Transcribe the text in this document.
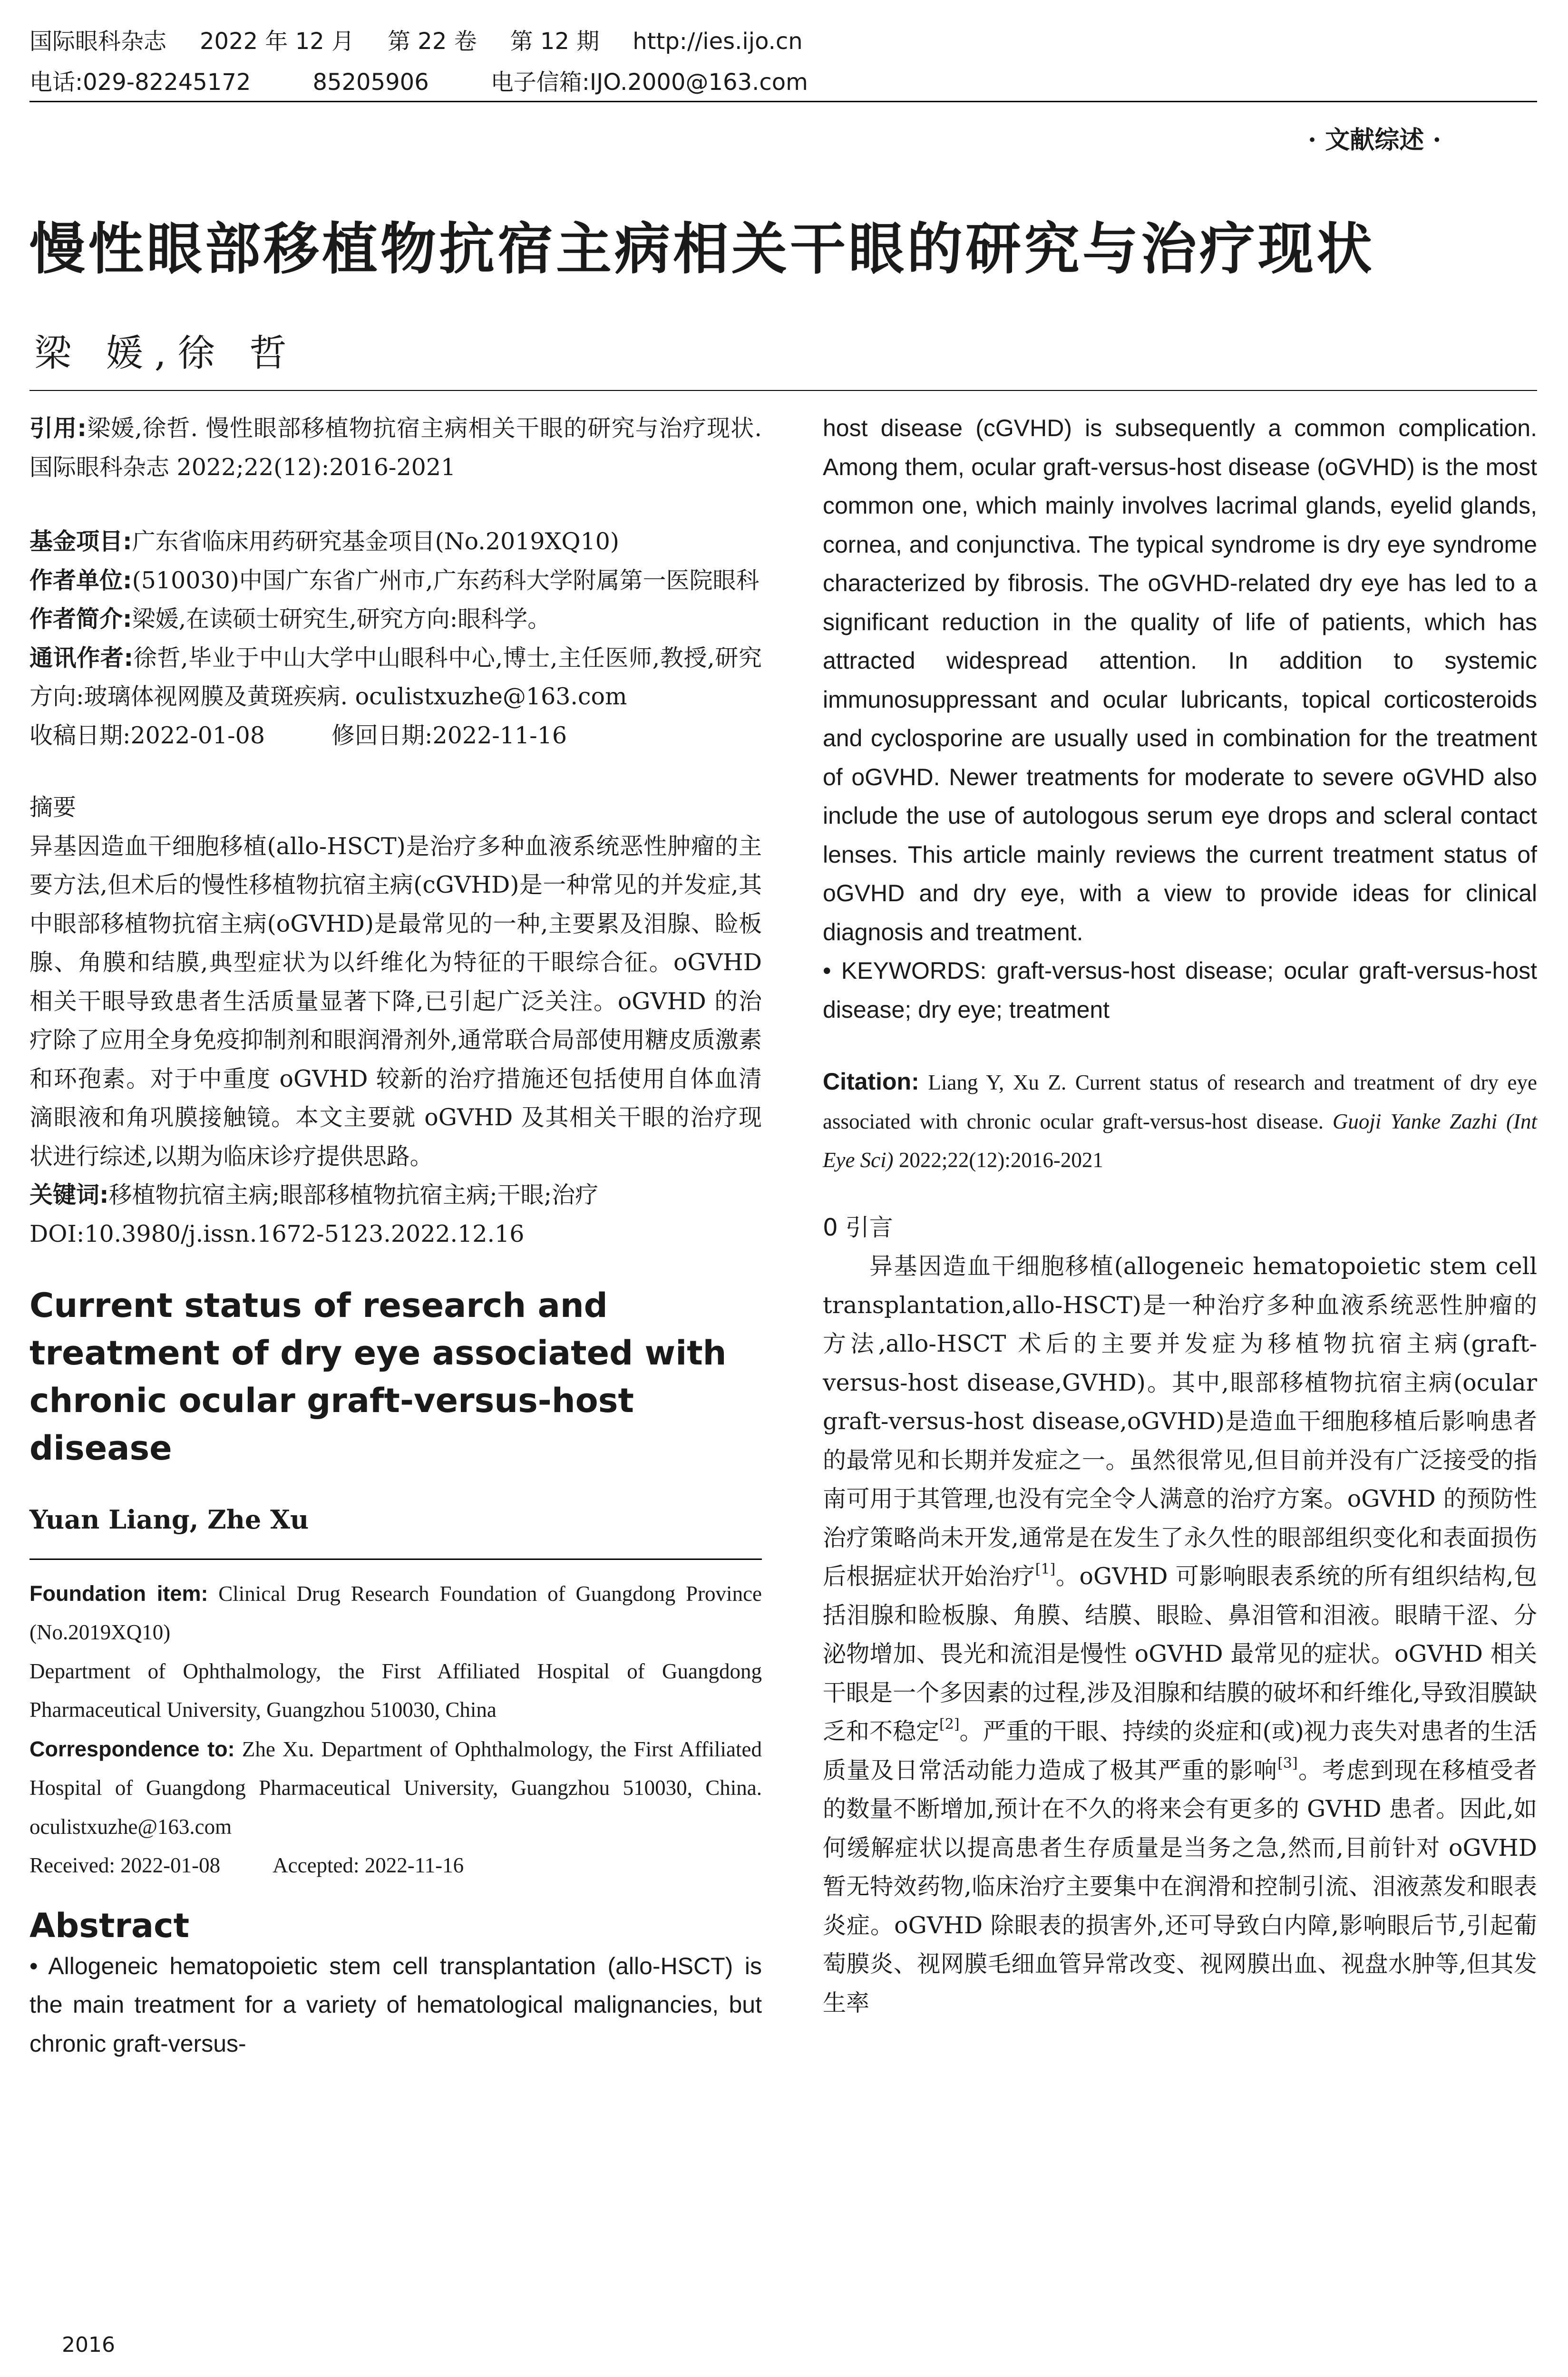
国际眼科杂志 2022 年 12 月 第 22 卷 第 12 期 http://ies.ijo.cn
电话:029-82245172	85205906	电子信箱:IJO.2000@163.com
· 文献综述 ·
慢性眼部移植物抗宿主病相关干眼的研究与治疗现状
梁 媛,徐 哲

引用:梁媛,徐哲. 慢性眼部移植物抗宿主病相关干眼的研究与治疗现状. 国际眼科杂志 2022;22(12):2016-2021

基金项目:广东省临床用药研究基金项目(No.2019XQ10)

作者单位:(510030)中国广东省广州市,广东药科大学附属第一医院眼科

作者简介:梁媛,在读硕士研究生,研究方向:眼科学。

通讯作者:徐哲,毕业于中山大学中山眼科中心,博士,主任医师,教授,研究方向:玻璃体视网膜及黄斑疾病. oculistxuzhe@163.com

收稿日期:2022-01-08	修回日期:2022-11-16

摘要

异基因造血干细胞移植(allo-HSCT)是治疗多种血液系统恶性肿瘤的主要方法,但术后的慢性移植物抗宿主病(cGVHD)是一种常见的并发症,其中眼部移植物抗宿主病(oGVHD)是最常见的一种,主要累及泪腺、睑板腺、角膜和结膜,典型症状为以纤维化为特征的干眼综合征。oGVHD 相关干眼导致患者生活质量显著下降,已引起广泛关注。oGVHD 的治疗除了应用全身免疫抑制剂和眼润滑剂外,通常联合局部使用糖皮质激素和环孢素。对于中重度 oGVHD 较新的治疗措施还包括使用自体血清滴眼液和角巩膜接触镜。本文主要就 oGVHD 及其相关干眼的治疗现状进行综述,以期为临床诊疗提供思路。

关键词:移植物抗宿主病;眼部移植物抗宿主病;干眼;治疗

DOI:10.3980/j.issn.1672-5123.2022.12.16

Current status of research and treatment of dry eye associated with chronic ocular graft-versus-host disease

Yuan Liang, Zhe Xu

Foundation item: Clinical Drug Research Foundation of Guangdong Province (No.2019XQ10)

Department of Ophthalmology, the First Affiliated Hospital of Guangdong Pharmaceutical University, Guangzhou 510030, China

Correspondence to: Zhe Xu. Department of Ophthalmology, the First Affiliated Hospital of Guangdong Pharmaceutical University, Guangzhou 510030, China. oculistxuzhe@163.com

Received: 2022-01-08 Accepted: 2022-11-16

Abstract

• Allogeneic hematopoietic stem cell transplantation (allo-HSCT) is the main treatment for a variety of hematological malignancies, but chronic graft-versus-

host disease (cGVHD) is subsequently a common complication. Among them, ocular graft-versus-host disease (oGVHD) is the most common one, which mainly involves lacrimal glands, eyelid glands, cornea, and conjunctiva. The typical syndrome is dry eye syndrome characterized by fibrosis. The oGVHD-related dry eye has led to a significant reduction in the quality of life of patients, which has attracted widespread attention. In addition to systemic immunosuppressant and ocular lubricants, topical corticosteroids and cyclosporine are usually used in combination for the treatment of oGVHD. Newer treatments for moderate to severe oGVHD also include the use of autologous serum eye drops and scleral contact lenses. This article mainly reviews the current treatment status of oGVHD and dry eye, with a view to provide ideas for clinical diagnosis and treatment.

• KEYWORDS: graft-versus-host disease; ocular graft-versus-host disease; dry eye; treatment

Citation: Liang Y, Xu Z. Current status of research and treatment of dry eye associated with chronic ocular graft-versus-host disease. Guoji Yanke Zazhi (Int Eye Sci) 2022;22(12):2016-2021

0 引言

异基因造血干细胞移植(allogeneic hematopoietic stem cell transplantation,allo-HSCT)是一种治疗多种血液系统恶性肿瘤的方法,allo-HSCT 术后的主要并发症为移植物抗宿主病(graft-versus-host disease,GVHD)。其中,眼部移植物抗宿主病(ocular graft-versus-host disease,oGVHD)是造血干细胞移植后影响患者的最常见和长期并发症之一。虽然很常见,但目前并没有广泛接受的指南可用于其管理,也没有完全令人满意的治疗方案。oGVHD 的预防性治疗策略尚未开发,通常是在发生了永久性的眼部组织变化和表面损伤后根据症状开始治疗[1]。oGVHD 可影响眼表系统的所有组织结构,包括泪腺和睑板腺、角膜、结膜、眼睑、鼻泪管和泪液。眼睛干涩、分泌物增加、畏光和流泪是慢性 oGVHD 最常见的症状。oGVHD 相关干眼是一个多因素的过程,涉及泪腺和结膜的破坏和纤维化,导致泪膜缺乏和不稳定[2]。严重的干眼、持续的炎症和(或)视力丧失对患者的生活质量及日常活动能力造成了极其严重的影响[3]。考虑到现在移植受者的数量不断增加,预计在不久的将来会有更多的 GVHD 患者。因此,如何缓解症状以提高患者生存质量是当务之急,然而,目前针对 oGVHD 暂无特效药物,临床治疗主要集中在润滑和控制引流、泪液蒸发和眼表炎症。oGVHD 除眼表的损害外,还可导致白内障,影响眼后节,引起葡萄膜炎、视网膜毛细血管异常改变、视网膜出血、视盘水肿等,但其发生率

2016
